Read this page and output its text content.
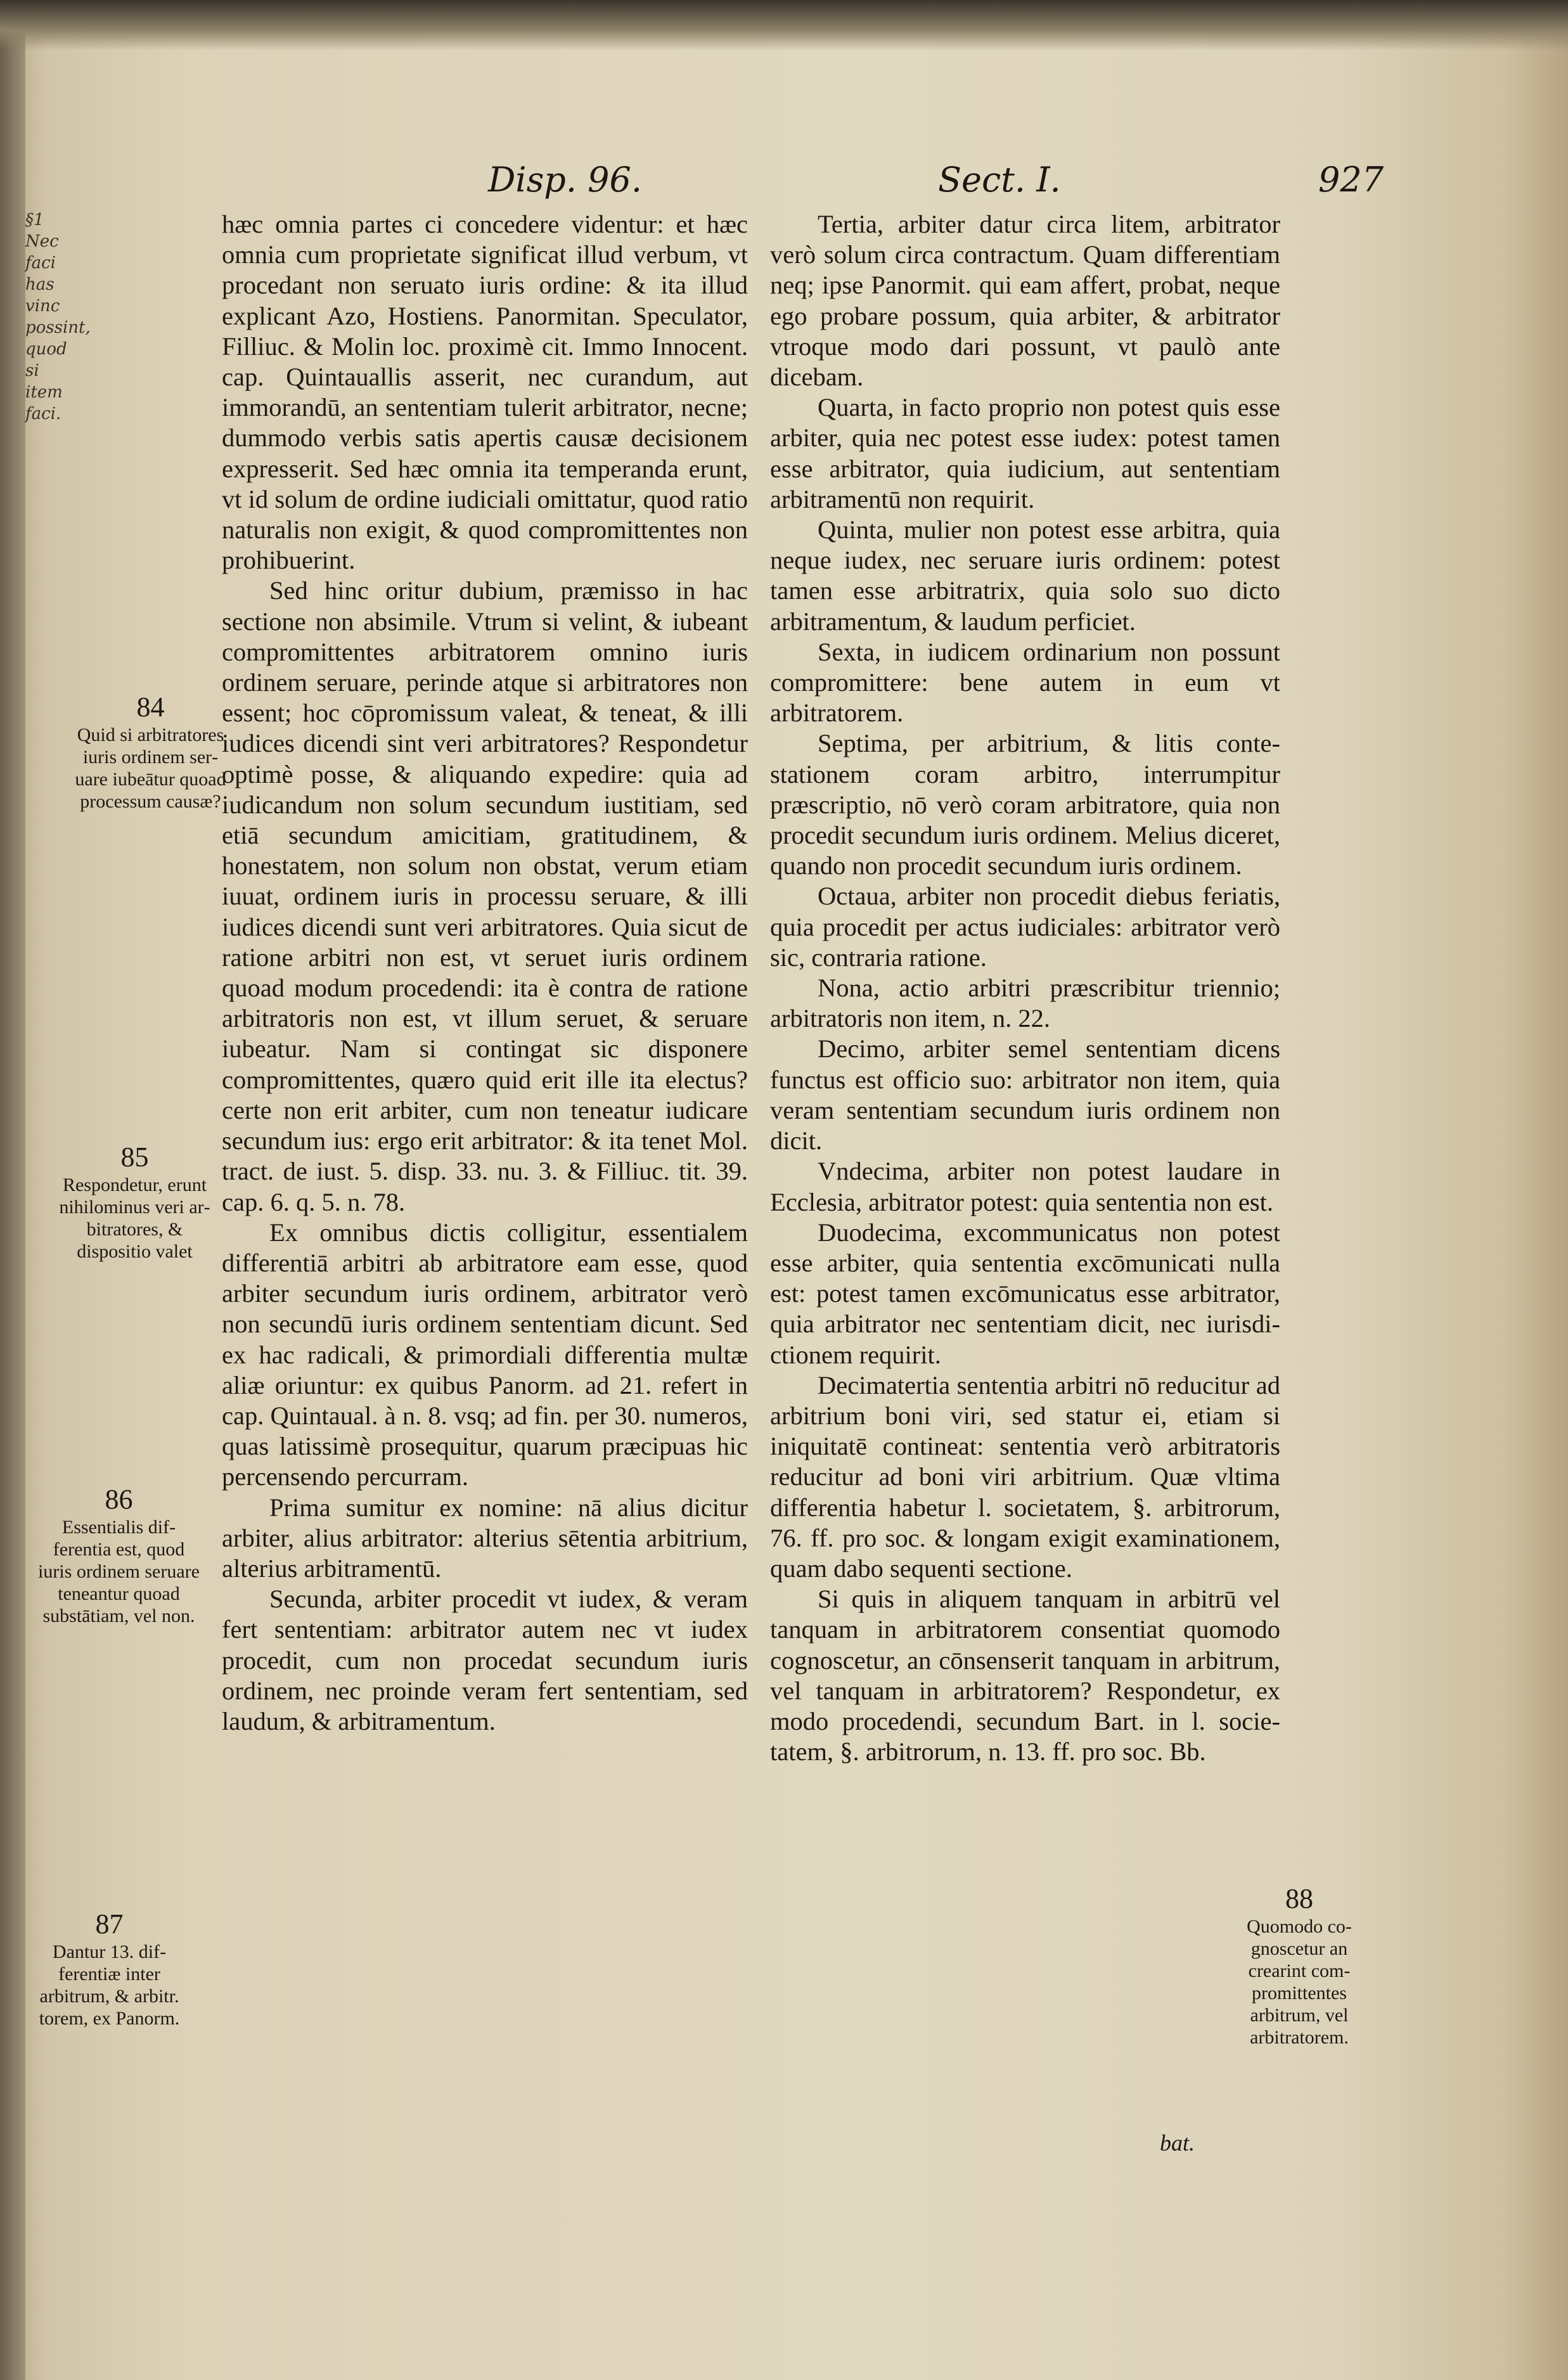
§1
Nec faci
has vinc
possint,
quod si
item faci.
Disp. 96.	Sect. I.	927

hæc omnia partes ci concedere videntur: et hæc omnia cum proprietate significat illud verbum, vt procedant non seruato iuris ordine: & ita illud explicant Azo, Hostiens. Panormitan. Speculator, Filliuc. & Molin loc. proximè cit. Immo Innocent. cap. Quintauallis asserit, nec curandum, aut immorandū, an sententiam tulerit arbitrator, necne; dummodo verbis satis apertis causæ decisionem expresserit. Sed hæc omnia ita temperanda erunt, vt id solum de ordine iudiciali omittatur, quod ratio naturalis non exigit, & quod compromittentes non prohibuerint.

Sed hinc oritur dubium, præmisso in hac sectione non absimile. Vtrum si velint, & iubeant compromittentes arbitratorem omnino iuris ordinem seruare, perinde atque si arbitratores non essent; hoc cōpromissum valeat, & teneat, & illi iudices dicendi sint veri arbitratores? Respondetur optimè posse, & aliquando expedire: quia ad iudicandum non solum secundum iustitiam, sed etiā secundum amicitiam, gratitudinem, & honestatem, non solum non obstat, verum etiam iuuat, ordinem iuris in processu seruare, & illi iudices dicendi sunt veri arbitratores. Quia sicut de ratione arbitri non est, vt seruet iuris ordinem quoad modum procedendi: ita è contra de ratione arbitratoris non est, vt illum seruet, & seruare iubeatur. Nam si contingat sic disponere compromittentes, quæro quid erit ille ita electus? certe non erit arbiter, cum non teneatur iudicare secundum ius: ergo erit arbitrator: & ita tenet Mol. tract. de iust. 5. disp. 33. nu. 3. & Filliuc. tit. 39. cap. 6. q. 5. n. 78.

Ex omnibus dictis colligitur, essentialem differentiā arbitri ab arbitratore eam esse, quod arbiter secundum iuris ordinem, arbitrator verò non secundū iuris ordinem sententiam dicunt. Sed ex hac radicali, & primordiali differentia multæ aliæ oriuntur: ex quibus Panorm. ad 21. refert in cap. Quintaual. à n. 8. vsq; ad fin. per 30. numeros, quas latissimè prosequitur, quarum præcipuas hic percensendo percurram.

Prima sumitur ex nomine: nā alius dicitur arbiter, alius arbitrator: alterius sētentia arbitrium, alterius arbitramentū.

Secunda, arbiter procedit vt iudex, & veram fert sententiam: arbitrator autem nec vt iudex procedit, cum non procedat secundum iuris ordinem, nec proinde veram fert sententiam, sed laudum, & arbitramentum.

Tertia, arbiter datur circa litem, arbitrator verò solum circa contractum. Quam differentiam neq; ipse Panormit. qui eam affert, probat, neque ego probare possum, quia arbiter, & arbitrator vtroque modo dari possunt, vt paulò ante dicebam.

Quarta, in facto proprio non potest quis esse arbiter, quia nec potest esse iudex: potest tamen esse arbitrator, quia iudicium, aut sententiam arbitramentū non requirit.

Quinta, mulier non potest esse arbitra, quia neque iudex, nec seruare iuris ordinem: potest tamen esse arbitratrix, quia solo suo dicto arbitramentum, & laudum perficiet.

Sexta, in iudicem ordinarium non possunt compromittere: bene autem in eum vt arbitratorem.

Septima, per arbitrium, & litis contestationem coram arbitro, interrumpitur præscriptio, nō verò coram arbitratore, quia non procedit secundum iuris ordinem. Melius diceret, quando non procedit secundum iuris ordinem.

Octaua, arbiter non procedit diebus feriatis, quia procedit per actus iudiciales: arbitrator verò sic, contraria ratione.

Nona, actio arbitri præscribitur triennio; arbitratoris non item, n. 22.

Decimo, arbiter semel sententiam dicens functus est officio suo: arbitrator non item, quia veram sententiam secundum iuris ordinem non dicit.

Vndecima, arbiter non potest laudare in Ecclesia, arbitrator potest: quia sententia non est.

Duodecima, excommunicatus non potest esse arbiter, quia sententia excōmunicati nulla est: potest tamen excōmunicatus esse arbitrator, quia arbitrator nec sententiam dicit, nec iurisdictionem requirit.

Decimatertia sententia arbitri nō reducitur ad arbitrium boni viri, sed statur ei, etiam si iniquitatē contineat: sententia verò arbitratoris reducitur ad boni viri arbitrium. Quæ vltima differentia habetur l. societatem, §. arbitrorum, 76. ff. pro soc. & longam exigit examinationem, quam dabo sequenti sectione.

Si quis in aliquem tanquam in arbitrū vel tanquam in arbitratorem consentiat quomodo cognoscetur, an cōnsenserit tanquam in arbitrum, vel tanquam in arbitratorem? Respondetur, ex modo procedendi, secundum Bart. in l. societatem, §. arbitrorum, n. 13. ff. pro soc. Bb.

bat.
84
Quid si arbitratores iuris ordinem seruare iubeātur quoad processum causæ?
85
Respondetur, erunt nihilominus veri arbitratores, & dispositio valet
86
Essentialis differentia est, quod iuris ordinem seruare teneantur quoad substātiam, vel non.
87
Dantur 13. differentiæ inter arbitrum, & arbitr. torem, ex Panorm.
88
Quomodo cognoscetur an crearint compromittentes arbitrum, vel arbitratorem.
